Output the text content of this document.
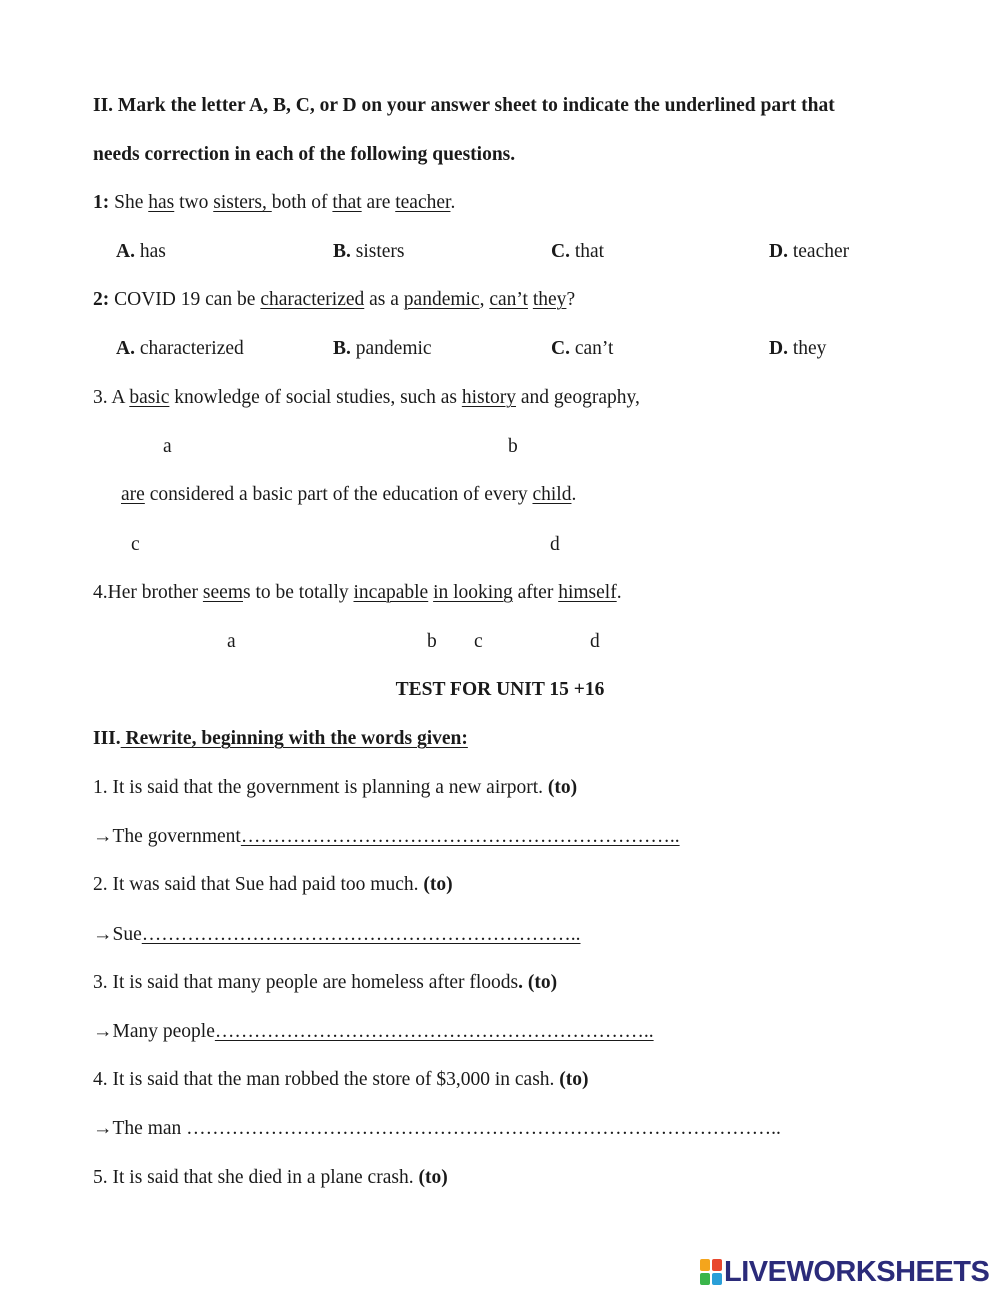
II. Mark the letter A, B, C, or D on your answer sheet to indicate the underlined part that
needs correction in each of the following questions.
1: She has two sisters, both of that are teacher.
A. has	B. sisters	C. that	D. teacher
2: COVID 19 can be characterized as a pandemic, can’t they?
A. characterized	B. pandemic	C. can’t	D. they
3. A basic knowledge of social studies, such as history and geography,
a	b
are considered a basic part of the education of every child.
c	d
4.Her brother seems to be totally incapable in looking after himself.
a	b c	d
TEST FOR UNIT 15 +16
III. Rewrite, beginning with the words given:
1. It is said that the government is planning a new airport. (to)
→The government…………………………………………………………..
2. It was said that Sue had paid too much. (to)
→Sue…………………………………………………………..
3. It is said that many people are homeless after floods. (to)
→Many people…………………………………………………………..
4. It is said that the man robbed the store of $3,000 in cash. (to)
→The man ………………………………………………………………………………..
5. It is said that she died in a plane crash. (to)
LIVEWORKSHEETS
